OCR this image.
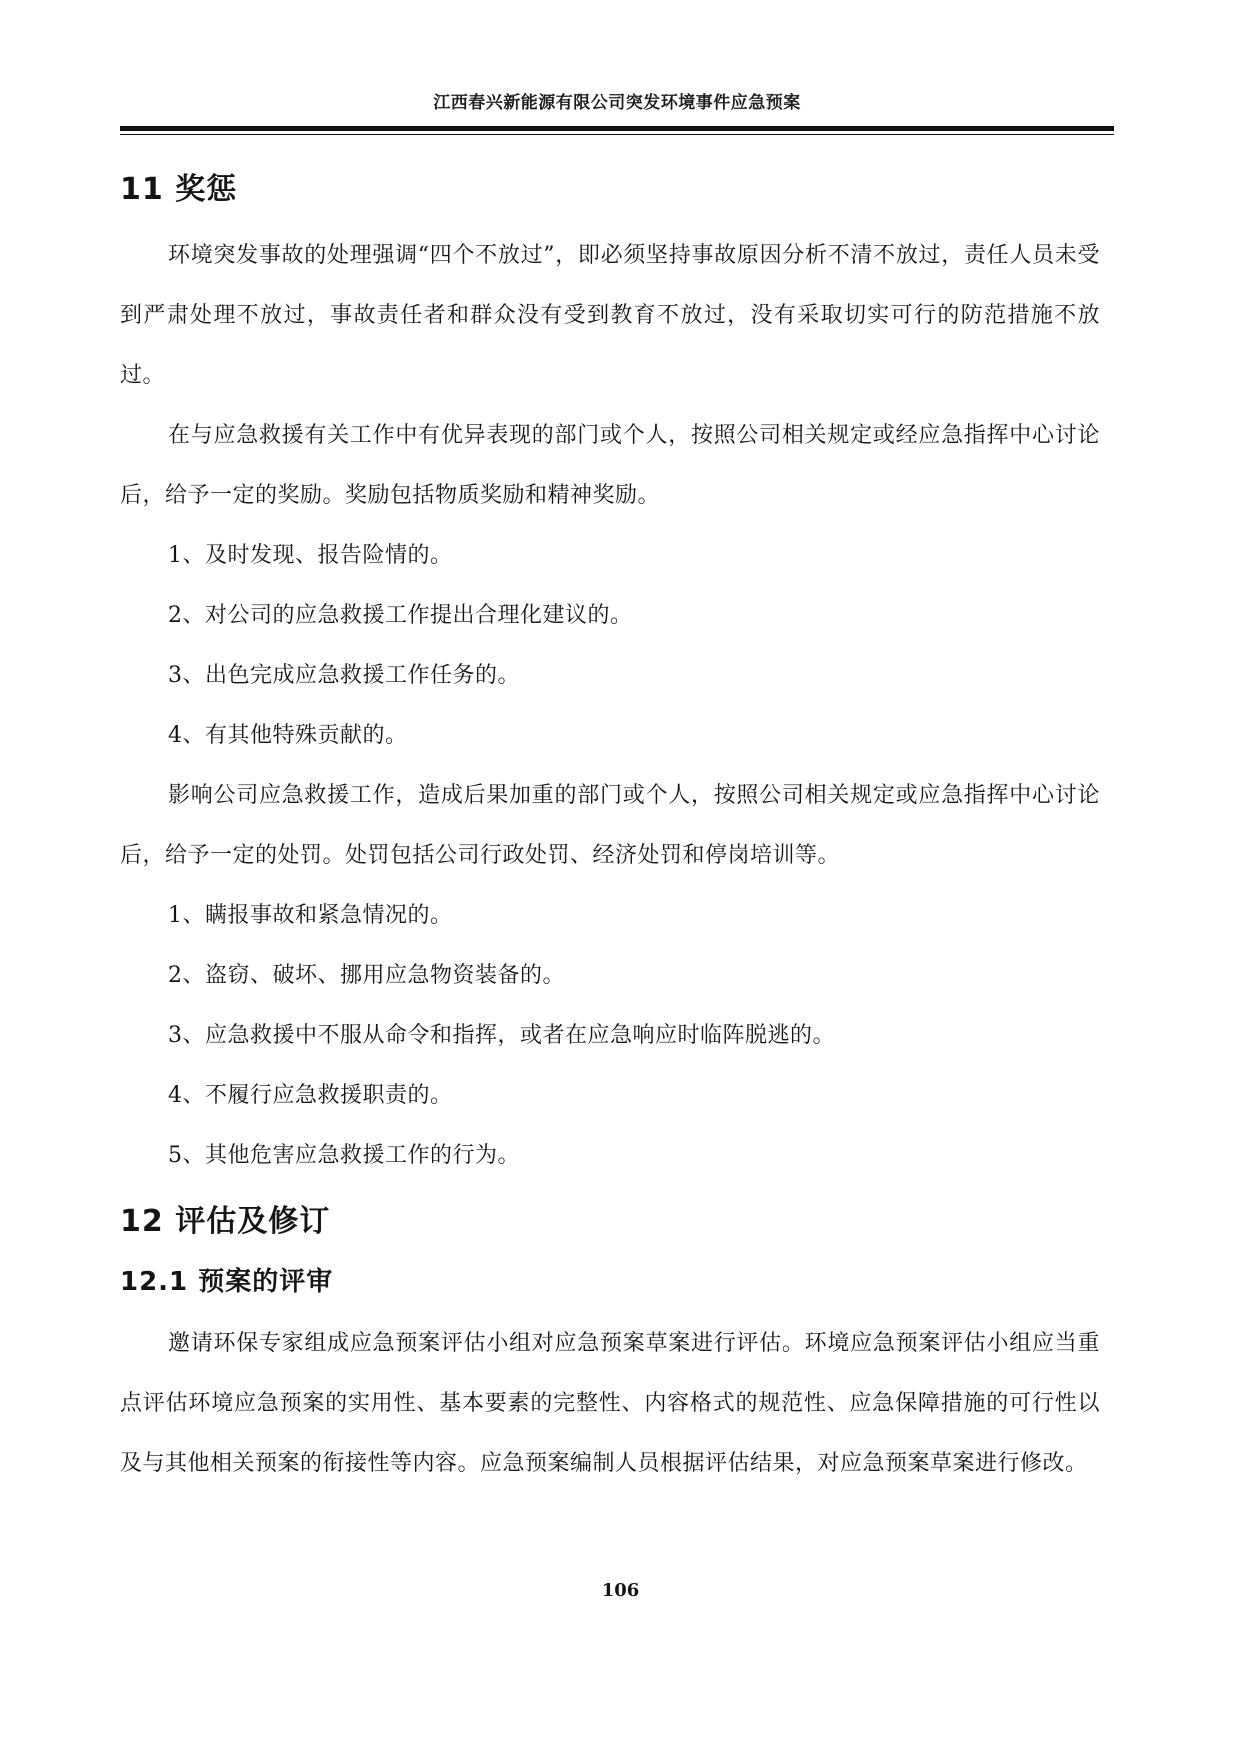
江西春兴新能源有限公司突发环境事件应急预案
11 奖惩

环境突发事故的处理强调“四个不放过”，即必须坚持事故原因分析不清不放过，责任人员未受到严肃处理不放过，事故责任者和群众没有受到教育不放过，没有采取切实可行的防范措施不放过。

在与应急救援有关工作中有优异表现的部门或个人，按照公司相关规定或经应急指挥中心讨论后，给予一定的奖励。奖励包括物质奖励和精神奖励。

1、及时发现、报告险情的。

2、对公司的应急救援工作提出合理化建议的。

3、出色完成应急救援工作任务的。

4、有其他特殊贡献的。

影响公司应急救援工作，造成后果加重的部门或个人，按照公司相关规定或应急指挥中心讨论后，给予一定的处罚。处罚包括公司行政处罚、经济处罚和停岗培训等。

1、瞒报事故和紧急情况的。

2、盗窃、破坏、挪用应急物资装备的。

3、应急救援中不服从命令和指挥，或者在应急响应时临阵脱逃的。

4、不履行应急救援职责的。

5、其他危害应急救援工作的行为。

12 评估及修订
12.1 预案的评审

邀请环保专家组成应急预案评估小组对应急预案草案进行评估。环境应急预案评估小组应当重点评估环境应急预案的实用性、基本要素的完整性、内容格式的规范性、应急保障措施的可行性以及与其他相关预案的衔接性等内容。应急预案编制人员根据评估结果，对应急预案草案进行修改。

106
